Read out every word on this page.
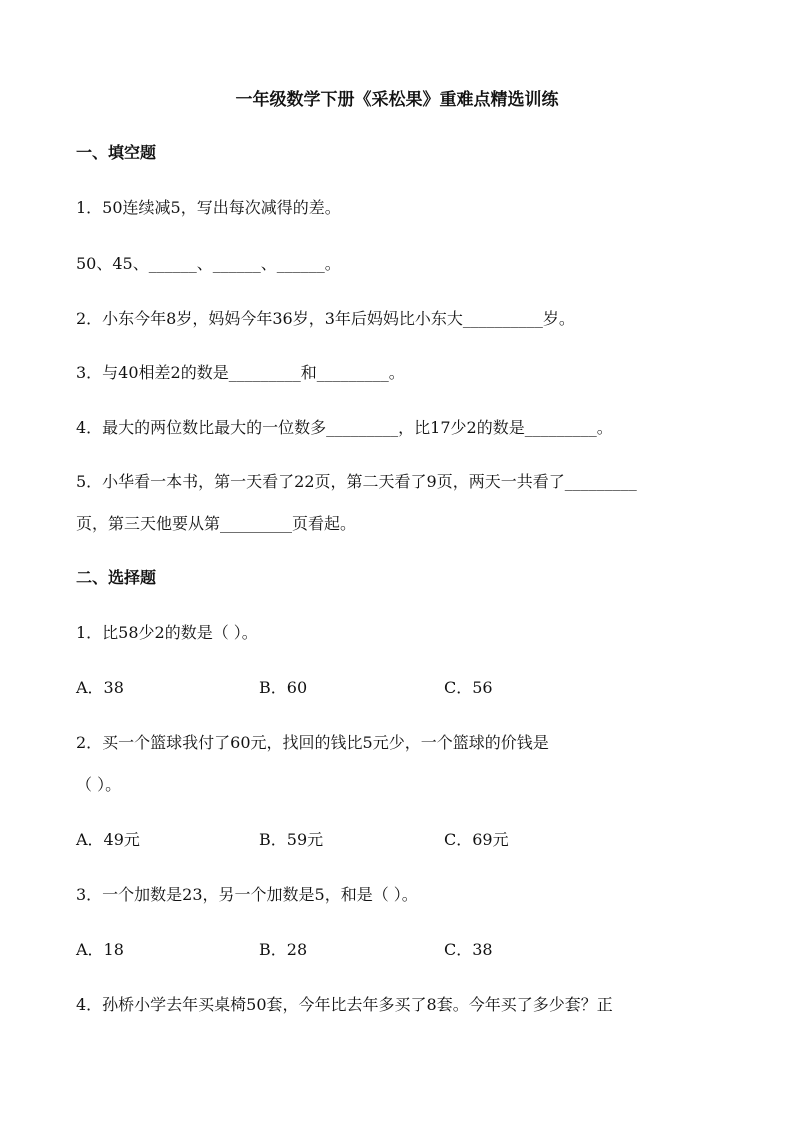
一年级数学下册《采松果》重难点精选训练
一、填空题
1．50连续减5，写出每次减得的差。
50、45、______、______、______。
2．小东今年8岁，妈妈今年36岁，3年后妈妈比小东大__________岁。
3．与40相差2的数是_________和_________。
4．最大的两位数比最大的一位数多_________，比17少2的数是_________。
5．小华看一本书，第一天看了22页，第二天看了9页，两天一共看了_________
页，第三天他要从第_________页看起。
二、选择题
1．比58少2的数是（ ）。
A．38	B．60	C．56
2．买一个篮球我付了60元，找回的钱比5元少，一个篮球的价钱是
（ ）。
A．49元	B．59元	C．69元
3．一个加数是23，另一个加数是5，和是（ ）。
A．18	B．28	C．38
4．孙桥小学去年买桌椅50套，今年比去年多买了8套。今年买了多少套？正
